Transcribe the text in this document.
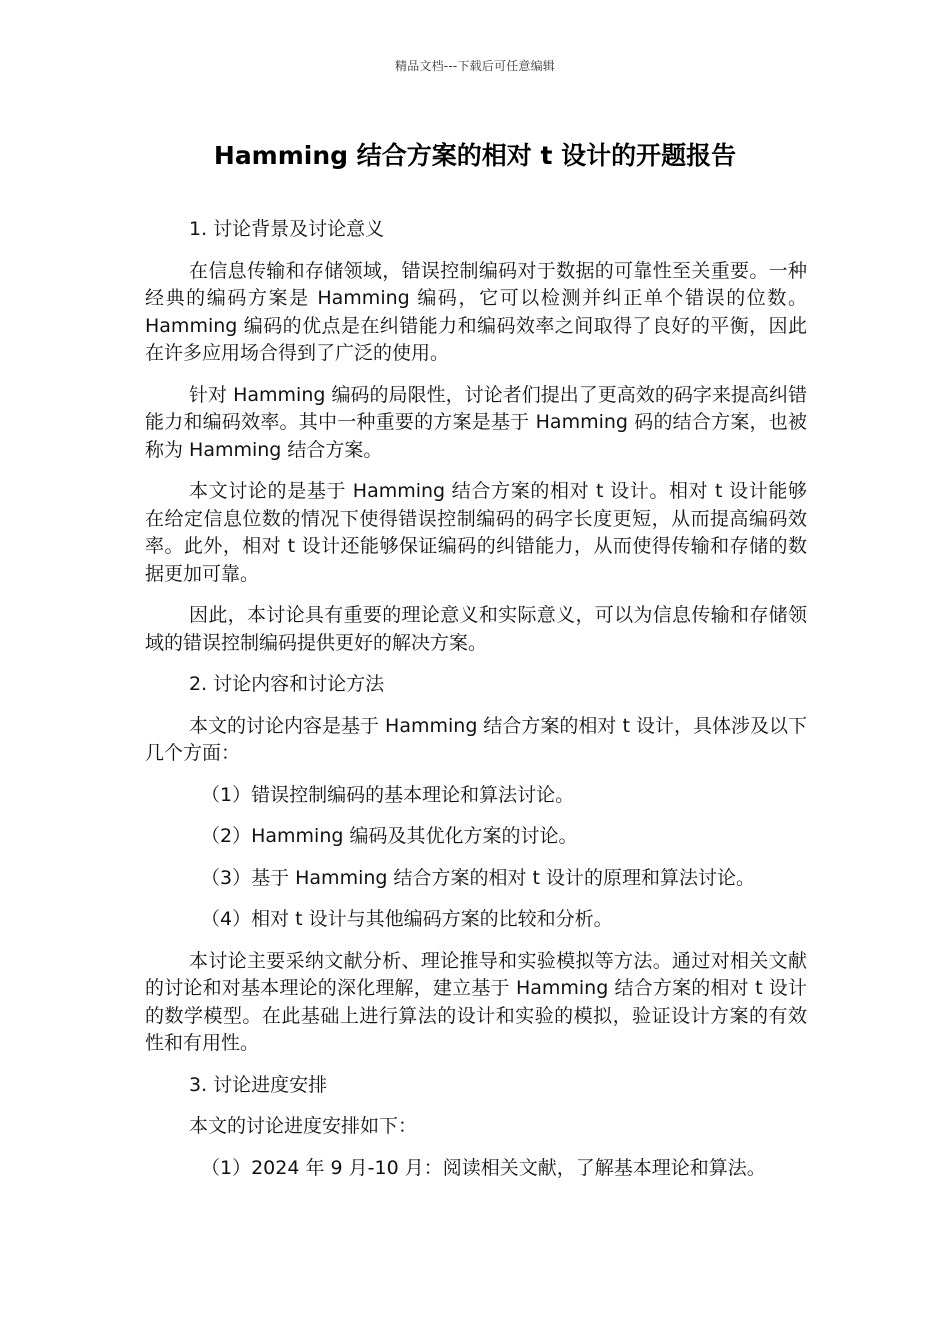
精品文档---下载后可任意编辑
Hamming 结合方案的相对 t 设计的开题报告

1. 讨论背景及讨论意义

在信息传输和存储领域，错误控制编码对于数据的可靠性至关重要。一种经典的编码方案是 Hamming 编码，它可以检测并纠正单个错误的位数。Hamming 编码的优点是在纠错能力和编码效率之间取得了良好的平衡，因此在许多应用场合得到了广泛的使用。

针对 Hamming 编码的局限性，讨论者们提出了更高效的码字来提高纠错能力和编码效率。其中一种重要的方案是基于 Hamming 码的结合方案，也被称为 Hamming 结合方案。

本文讨论的是基于 Hamming 结合方案的相对 t 设计。相对 t 设计能够在给定信息位数的情况下使得错误控制编码的码字长度更短，从而提高编码效率。此外，相对 t 设计还能够保证编码的纠错能力，从而使得传输和存储的数据更加可靠。

因此，本讨论具有重要的理论意义和实际意义，可以为信息传输和存储领域的错误控制编码提供更好的解决方案。

2. 讨论内容和讨论方法

本文的讨论内容是基于 Hamming 结合方案的相对 t 设计，具体涉及以下几个方面：

（1）错误控制编码的基本理论和算法讨论。

（2）Hamming 编码及其优化方案的讨论。

（3）基于 Hamming 结合方案的相对 t 设计的原理和算法讨论。

（4）相对 t 设计与其他编码方案的比较和分析。

本讨论主要采纳文献分析、理论推导和实验模拟等方法。通过对相关文献的讨论和对基本理论的深化理解，建立基于 Hamming 结合方案的相对 t 设计的数学模型。在此基础上进行算法的设计和实验的模拟，验证设计方案的有效性和有用性。

3. 讨论进度安排

本文的讨论进度安排如下：

（1）2024 年 9 月-10 月：阅读相关文献，了解基本理论和算法。
